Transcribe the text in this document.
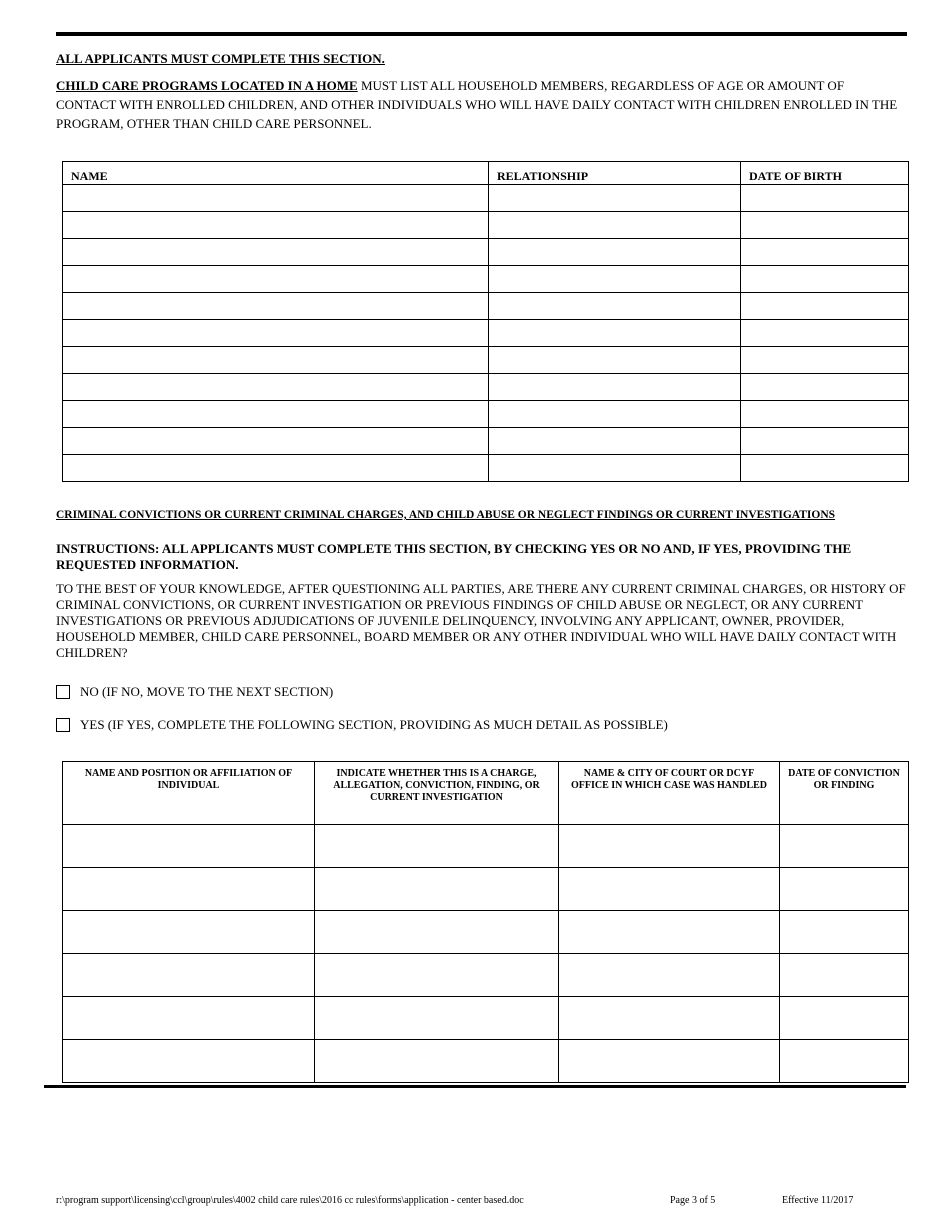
ALL APPLICANTS MUST COMPLETE THIS SECTION.
CHILD CARE PROGRAMS LOCATED IN A HOME MUST LIST ALL HOUSEHOLD MEMBERS, REGARDLESS OF AGE OR AMOUNT OF CONTACT WITH ENROLLED CHILDREN, AND OTHER INDIVIDUALS WHO WILL HAVE DAILY CONTACT WITH CHILDREN ENROLLED IN THE PROGRAM, OTHER THAN CHILD CARE PERSONNEL.
NAME	RELATIONSHIP	DATE OF BIRTH

CRIMINAL CONVICTIONS OR CURRENT CRIMINAL CHARGES, AND CHILD ABUSE OR NEGLECT FINDINGS OR CURRENT INVESTIGATIONS
INSTRUCTIONS: ALL APPLICANTS MUST COMPLETE THIS SECTION, BY CHECKING YES OR NO AND, IF YES, PROVIDING THE REQUESTED INFORMATION.
TO THE BEST OF YOUR KNOWLEDGE, AFTER QUESTIONING ALL PARTIES, ARE THERE ANY CURRENT CRIMINAL CHARGES, OR HISTORY OF CRIMINAL CONVICTIONS, OR CURRENT INVESTIGATION OR PREVIOUS FINDINGS OF CHILD ABUSE OR NEGLECT, OR ANY CURRENT INVESTIGATIONS OR PREVIOUS ADJUDICATIONS OF JUVENILE DELINQUENCY, INVOLVING ANY APPLICANT, OWNER, PROVIDER, HOUSEHOLD MEMBER, CHILD CARE PERSONNEL, BOARD MEMBER OR ANY OTHER INDIVIDUAL WHO WILL HAVE DAILY CONTACT WITH CHILDREN?
NO (IF NO, MOVE TO THE NEXT SECTION)
YES (IF YES, COMPLETE THE FOLLOWING SECTION, PROVIDING AS MUCH DETAIL AS POSSIBLE)
NAME AND POSITION OR AFFILIATION OF INDIVIDUAL	INDICATE WHETHER THIS IS A CHARGE, ALLEGATION, CONVICTION, FINDING, OR CURRENT INVESTIGATION	NAME & CITY OF COURT OR DCYF OFFICE IN WHICH CASE WAS HANDLED	DATE OF CONVICTION OR FINDING

r:\program support\licensing\ccl\group\rules\4002 child care rules\2016 cc rules\forms\application - center based.doc	Page 3 of 5	Effective 11/2017
